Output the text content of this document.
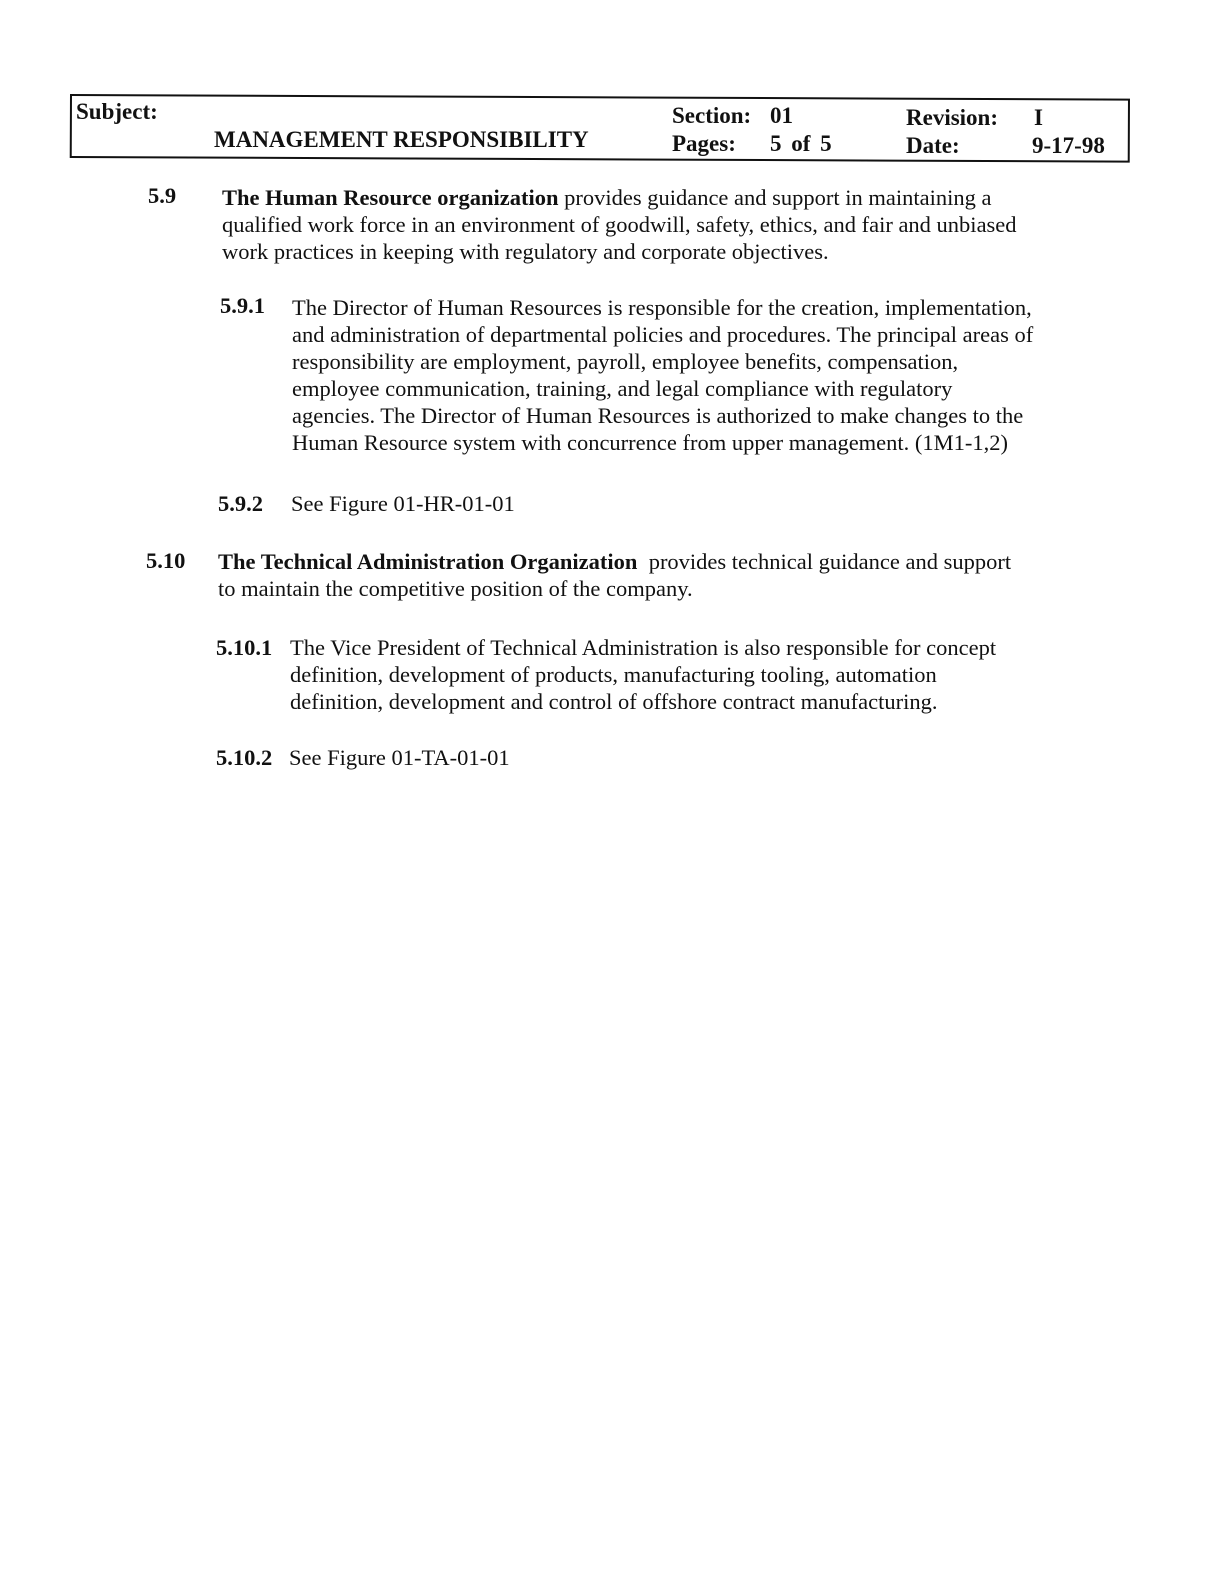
Subject:
MANAGEMENT RESPONSIBILITY
Section: 01
Pages: 5 of 5
Revision: I
Date:	9-17-98
5.9 The Human Resource organization provides guidance and support in maintaining a
qualified work force in an environment of goodwill, safety, ethics, and fair and unbiased
work practices in keeping with regulatory and corporate objectives.
5.9.1 The Director of Human Resources is responsible for the creation, implementation,
and administration of departmental policies and procedures. The principal areas of
responsibility are employment, payroll, employee benefits, compensation,
employee communication, training, and legal compliance with regulatory
agencies. The Director of Human Resources is authorized to make changes to the
Human Resource system with concurrence from upper management. (1M1-1,2)
5.9.2 See Figure 01-HR-01-01
5.10 The Technical Administration Organization  provides technical guidance and support
to maintain the competitive position of the company.
5.10.1 The Vice President of Technical Administration is also responsible for concept
definition, development of products, manufacturing tooling, automation
definition, development and control of offshore contract manufacturing.
5.10.2 See Figure 01-TA-01-01
